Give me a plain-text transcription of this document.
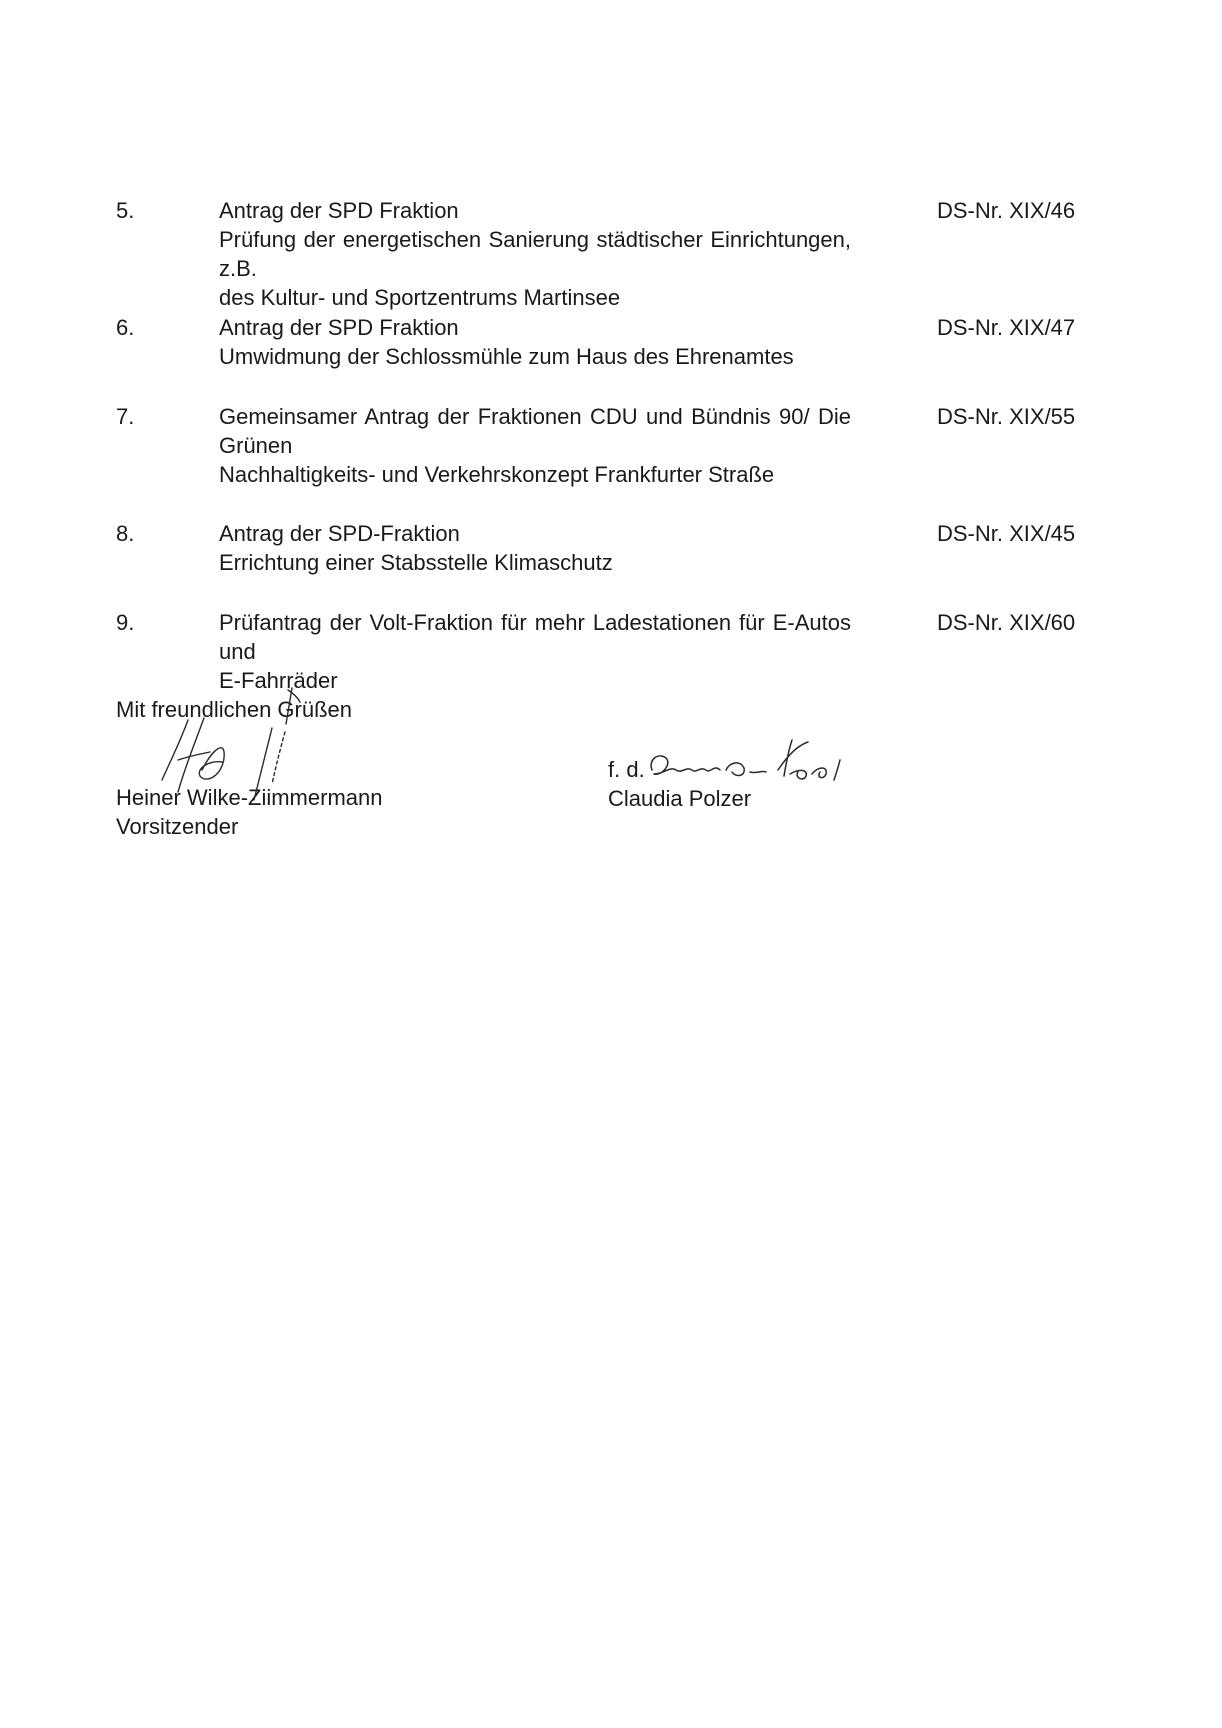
5.	Antrag der SPD Fraktion
Prüfung der energetischen Sanierung städtischer Einrichtungen, z.B.
des Kultur- und Sportzentrums Martinsee
DS-Nr. XIX/46
6.	Antrag der SPD Fraktion
Umwidmung der Schlossmühle zum Haus des Ehrenamtes
DS-Nr. XIX/47
7.	Gemeinsamer Antrag der Fraktionen CDU und Bündnis 90/ Die
Grünen
Nachhaltigkeits- und Verkehrskonzept Frankfurter Straße
DS-Nr. XIX/55
8.	Antrag der SPD-Fraktion
Errichtung einer Stabsstelle Klimaschutz
DS-Nr. XIX/45
9.	Prüfantrag der Volt-Fraktion für mehr Ladestationen für E-Autos und
E-Fahrräder
DS-Nr. XIX/60
Mit freundlichen Grüßen
Heiner Wilke-Ziimmermann
Vorsitzender
f. d.
Claudia Polzer
